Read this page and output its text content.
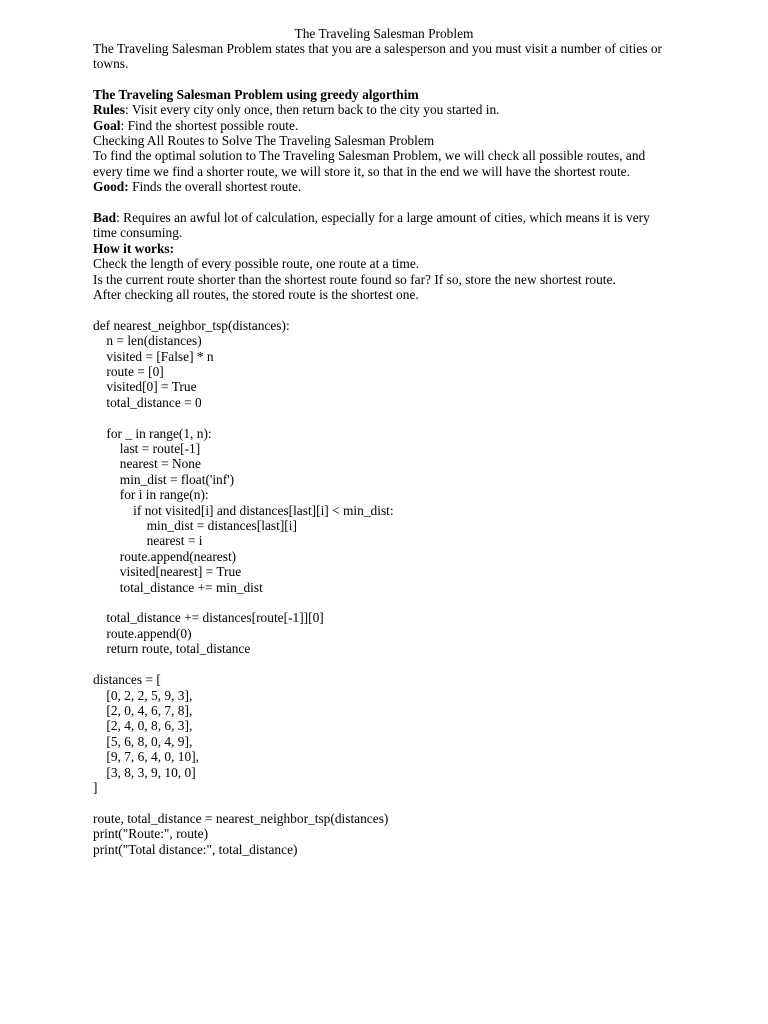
The Traveling Salesman Problem

The Traveling Salesman Problem states that you are a salesperson and you must visit a number of cities or towns.

The Traveling Salesman Problem using greedy algorthim

Rules: Visit every city only once, then return back to the city you started in.

Goal: Find the shortest possible route.

Checking All Routes to Solve The Traveling Salesman Problem

To find the optimal solution to The Traveling Salesman Problem, we will check all possible routes, and every time we find a shorter route, we will store it, so that in the end we will have the shortest route.

Good: Finds the overall shortest route.

Bad: Requires an awful lot of calculation, especially for a large amount of cities, which means it is very time consuming.

How it works:

Check the length of every possible route, one route at a time.

Is the current route shorter than the shortest route found so far? If so, store the new shortest route.

After checking all routes, the stored route is the shortest one.

def nearest_neighbor_tsp(distances):
n = len(distances)
visited = [False] * n
route = [0]
visited[0] = True
total_distance = 0

for _ in range(1, n):
last = route[-1]
nearest = None
min_dist = float('inf')
for i in range(n):
if not visited[i] and distances[last][i] < min_dist:
min_dist = distances[last][i]
nearest = i
route.append(nearest)
visited[nearest] = True
total_distance += min_dist

total_distance += distances[route[-1]][0]
route.append(0)
return route, total_distance

distances = [
[0, 2, 2, 5, 9, 3],
[2, 0, 4, 6, 7, 8],
[2, 4, 0, 8, 6, 3],
[5, 6, 8, 0, 4, 9],
[9, 7, 6, 4, 0, 10],
[3, 8, 3, 9, 10, 0]
]

route, total_distance = nearest_neighbor_tsp(distances)
print("Route:", route)
print("Total distance:", total_distance)
